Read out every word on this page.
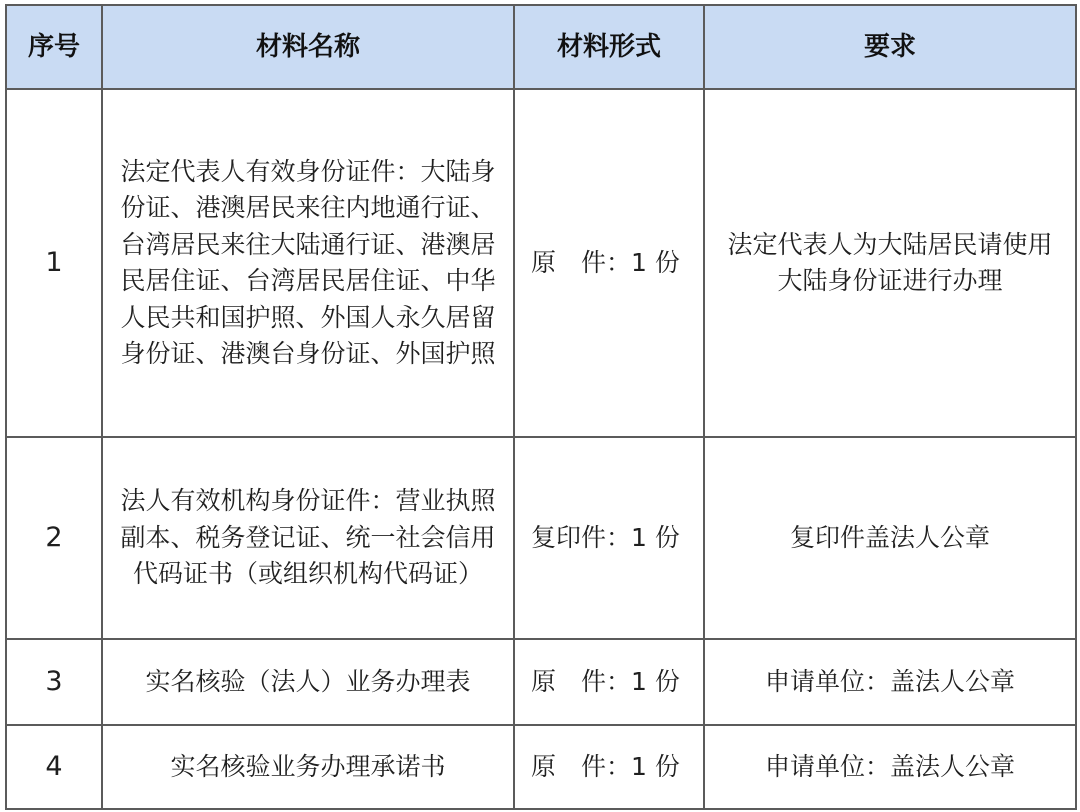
序号	材料名称	材料形式	要求
1	法定代表人有效身份证件：大陆身份证、港澳居民来往内地通行证、台湾居民来往大陆通行证、港澳居民居住证、台湾居民居住证、中华人民共和国护照、外国人永久居留身份证、港澳台身份证、外国护照	原　件：1 份	法定代表人为大陆居民请使用大陆身份证进行办理
2	法人有效机构身份证件：营业执照副本、税务登记证、统一社会信用代码证书（或组织机构代码证）	复印件：1 份	复印件盖法人公章
3	实名核验（法人）业务办理表	原　件：1 份	申请单位：盖法人公章
4	实名核验业务办理承诺书	原　件：1 份	申请单位：盖法人公章
